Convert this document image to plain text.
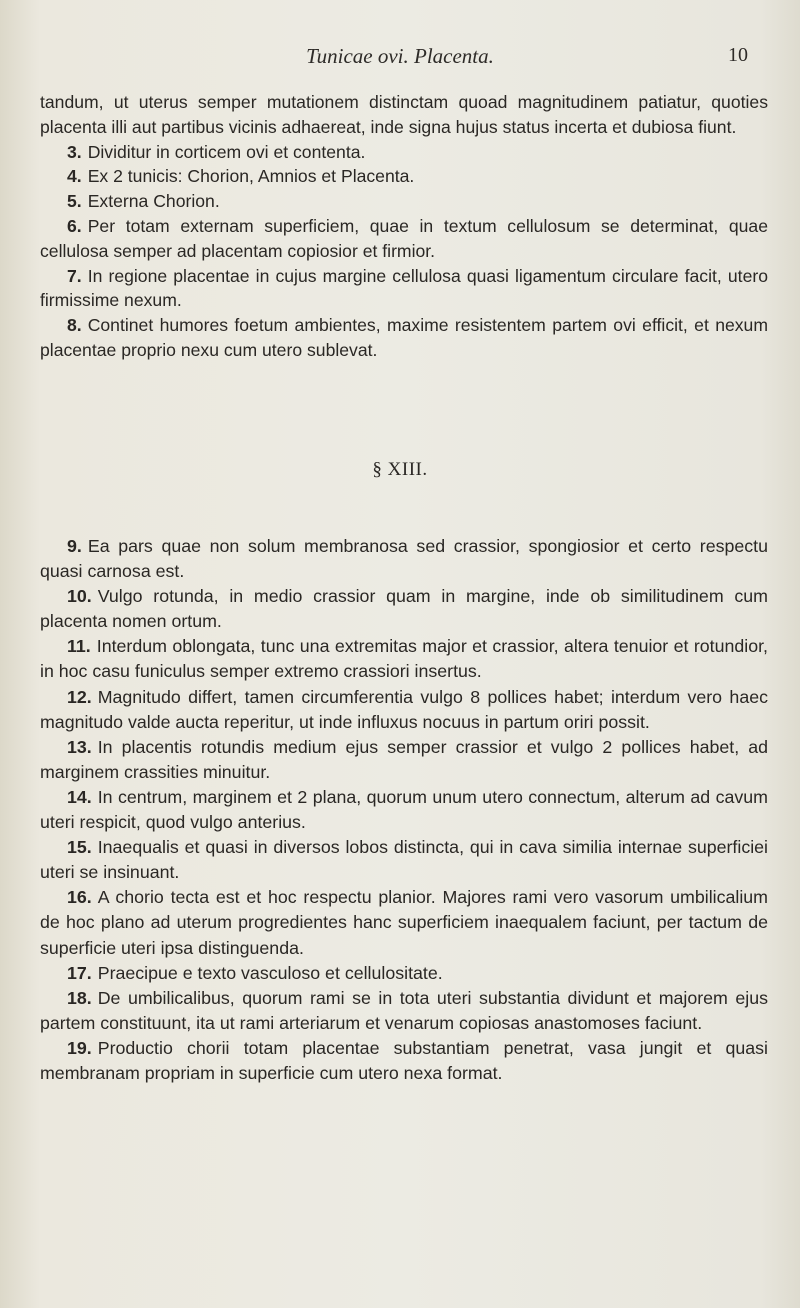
Tunicae ovi. Placenta.	10

tandum, ut uterus semper mutationem distinctam quoad magnitudinem patiatur, quoties placenta illi aut partibus vicinis adhaereat, inde signa hujus status incerta et dubiosa fiunt.

3. Dividitur in corticem ovi et contenta.

4. Ex 2 tunicis: Chorion, Amnios et Placenta.

5. Externa Chorion.

6. Per totam externam superficiem, quae in textum cellulosum se determinat, quae cellulosa semper ad placentam copiosior et firmior.

7. In regione placentae in cujus margine cellulosa quasi ligamentum circulare facit, utero firmissime nexum.

8. Continet humores foetum ambientes, maxime resistentem partem ovi efficit, et nexum placentae proprio nexu cum utero sublevat.

§ XIII.

9. Ea pars quae non solum membranosa sed crassior, spongiosior et certo respectu quasi carnosa est.

10. Vulgo rotunda, in medio crassior quam in margine, inde ob similitudinem cum placenta nomen ortum.

11. Interdum oblongata, tunc una extremitas major et crassior, altera tenuior et rotundior, in hoc casu funiculus semper extremo crassiori insertus.

12. Magnitudo differt, tamen circumferentia vulgo 8 pollices habet; interdum vero haec magnitudo valde aucta reperitur, ut inde influxus nocuus in partum oriri possit.

13. In placentis rotundis medium ejus semper crassior et vulgo 2 pollices habet, ad marginem crassities minuitur.

14. In centrum, marginem et 2 plana, quorum unum utero connectum, alterum ad cavum uteri respicit, quod vulgo anterius.

15. Inaequalis et quasi in diversos lobos distincta, qui in cava similia internae superficiei uteri se insinuant.

16. A chorio tecta est et hoc respectu planior. Majores rami vero vasorum umbilicalium de hoc plano ad uterum progredientes hanc superficiem inaequalem faciunt, per tactum de superficie uteri ipsa distinguenda.

17. Praecipue e texto vasculoso et cellulositate.

18. De umbilicalibus, quorum rami se in tota uteri substantia dividunt et majorem ejus partem constituunt, ita ut rami arteriarum et venarum copiosas anastomoses faciunt.

19. Productio chorii totam placentae substantiam penetrat, vasa jungit et quasi membranam propriam in superficie cum utero nexa format.
